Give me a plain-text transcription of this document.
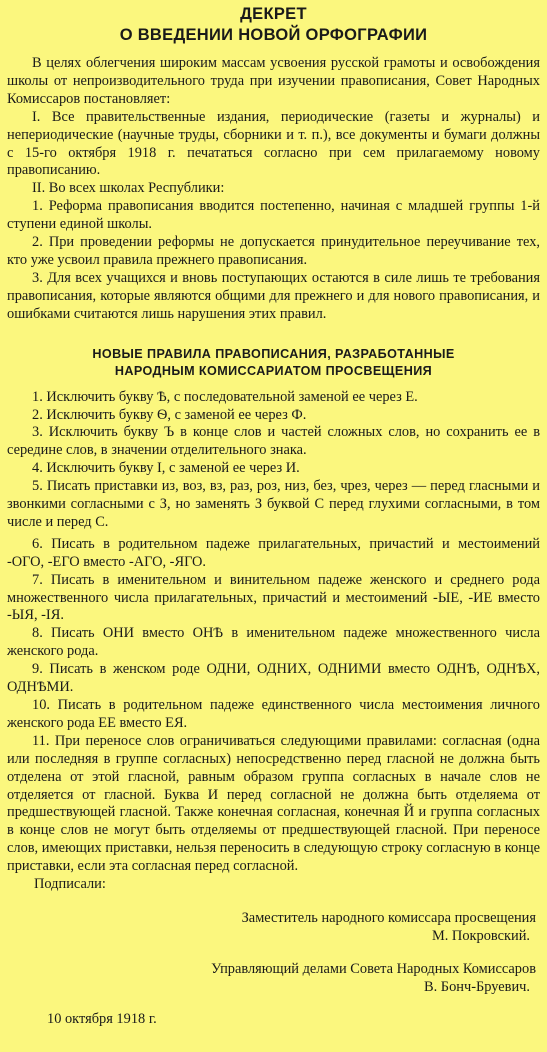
ДЕКРЕТ
О ВВЕДЕНИИ НОВОЙ ОРФОГРАФИИ

В целях облегчения широким массам усвоения русской грамоты и освобождения школы от непроизводительного труда при изучении правописания, Совет Народных Комиссаров постановляет:

I. Все правительственные издания, периодические (газеты и журналы) и непериодические (научные труды, сборники и т. п.), все документы и бумаги должны с 15-го октября 1918 г. печататься согласно при сем прилагаемому новому правописанию.

II. Во всех школах Республики:

1. Реформа правописания вводится постепенно, начиная с младшей группы 1-й ступени единой школы.

2. При проведении реформы не допускается принудительное переучивание тех, кто уже усвоил правила прежнего правописания.

3. Для всех учащихся и вновь поступающих остаются в силе лишь те требования правописания, которые являются общими для прежнего и для нового правописания, и ошибками считаются лишь нарушения этих правил.

НОВЫЕ ПРАВИЛА ПРАВОПИСАНИЯ, РАЗРАБОТАННЫЕ
НАРОДНЫМ КОМИССАРИАТОМ ПРОСВЕЩЕНИЯ

1. Исключить букву Ѣ, с последовательной заменой ее через Е.

2. Исключить букву Ѳ, с заменой ее через Ф.

3. Исключить букву Ъ в конце слов и частей сложных слов, но сохранить ее в середине слов, в значении отделительного знака.

4. Исключить букву I, с заменой ее через И.

5. Писать приставки из, воз, вз, раз, роз, низ, без, чрез, через — перед гласными и звонкими согласными с З, но заменять З буквой С перед глухими согласными, в том числе и перед С.

6. Писать в родительном падеже прилагательных, причастий и местоимений -ОГО, -ЕГО вместо -АГО, -ЯГО.

7. Писать в именительном и винительном падеже женского и среднего рода множественного числа прилагательных, причастий и местоимений -ЫЕ, -ИЕ вместо -ЫЯ, -IЯ.

8. Писать ОНИ вместо ОНѢ в именительном падеже множественного числа женского рода.

9. Писать в женском роде ОДНИ, ОДНИХ, ОДНИМИ вместо ОДНѢ, ОДНѢХ, ОДНѢМИ.

10. Писать в родительном падеже единственного числа местоимения личного женского рода ЕЕ вместо ЕЯ.

11. При переносе слов ограничиваться следующими правилами: согласная (одна или последняя в группе согласных) непосредственно перед гласной не должна быть отделена от этой гласной, равным образом группа согласных в начале слов не отделяется от гласной. Буква И перед согласной не должна быть отделяема от предшествующей гласной. Также конечная согласная, конечная Й и группа согласных в конце слов не могут быть отделяемы от предшествующей гласной. При переносе слов, имеющих приставки, нельзя переносить в следующую строку согласную в конце приставки, если эта согласная перед согласной.

Подписали:

Заместитель народного комиссара просвещения

М. Покровский.

Управляющий делами Совета Народных Комиссаров

В. Бонч-Бруевич.

10 октября 1918 г.
